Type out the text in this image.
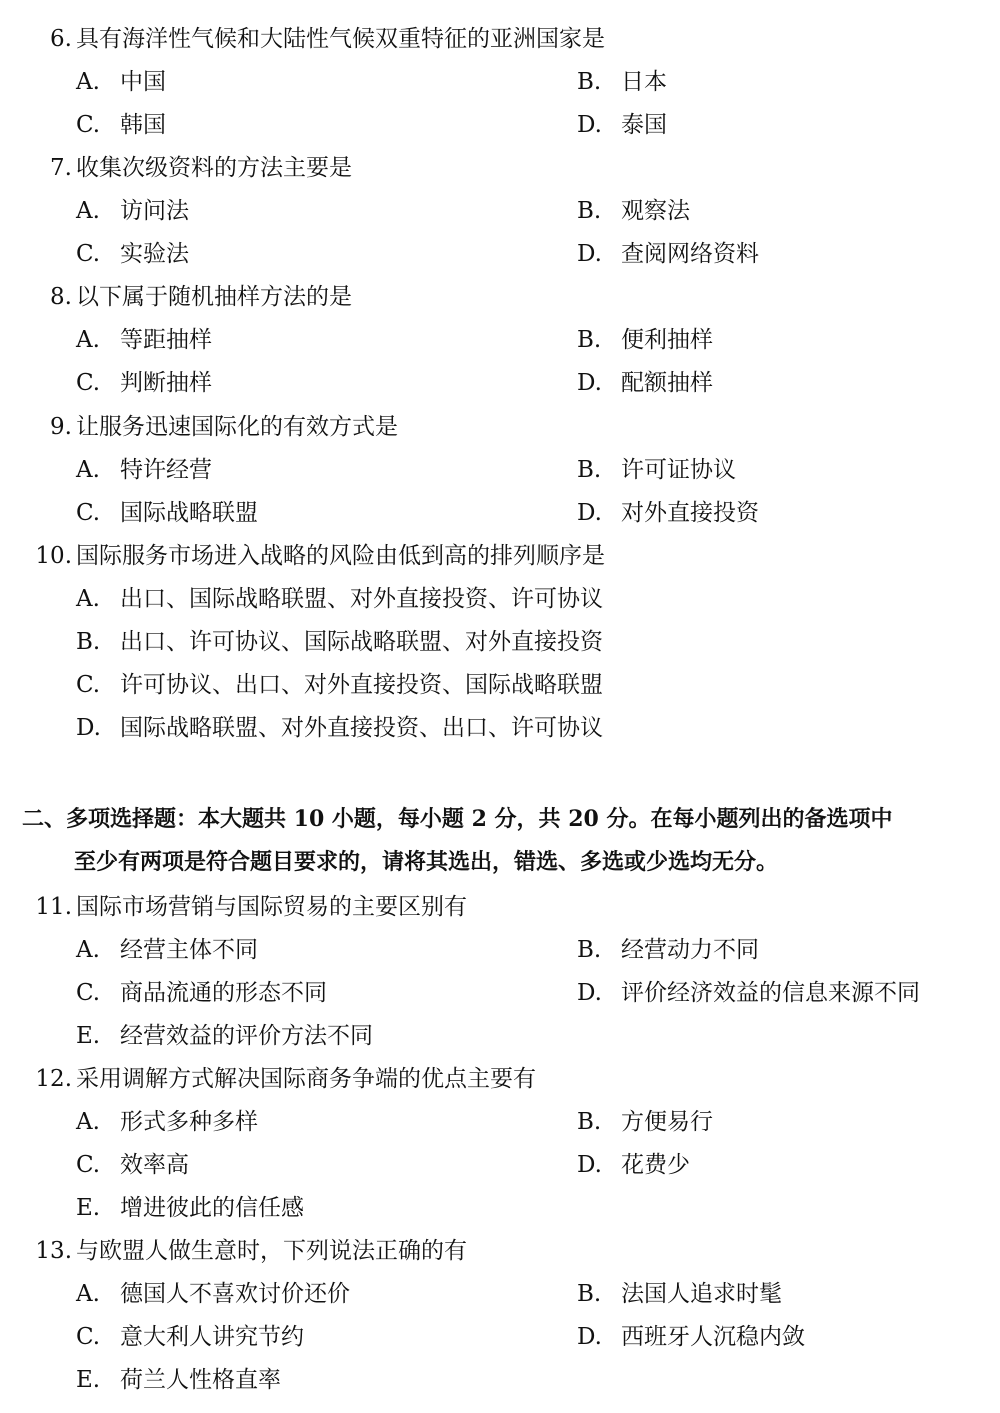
6. 具有海洋性气候和大陆性气候双重特征的亚洲国家是
A. 中国	B. 日本
C. 韩国	D. 泰国
7. 收集次级资料的方法主要是
A. 访问法	B. 观察法
C. 实验法	D. 查阅网络资料
8. 以下属于随机抽样方法的是
A. 等距抽样	B. 便利抽样
C. 判断抽样	D. 配额抽样
9. 让服务迅速国际化的有效方式是
A. 特许经营	B. 许可证协议
C. 国际战略联盟	D. 对外直接投资
10. 国际服务市场进入战略的风险由低到高的排列顺序是
A. 出口、国际战略联盟、对外直接投资、许可协议
B. 出口、许可协议、国际战略联盟、对外直接投资
C. 许可协议、出口、对外直接投资、国际战略联盟
D. 国际战略联盟、对外直接投资、出口、许可协议
二、多项选择题：本大题共 10 小题，每小题 2 分，共 20 分。在每小题列出的备选项中
至少有两项是符合题目要求的，请将其选出，错选、多选或少选均无分。
11. 国际市场营销与国际贸易的主要区别有
A. 经营主体不同	B. 经营动力不同
C. 商品流通的形态不同	D. 评价经济效益的信息来源不同
E. 经营效益的评价方法不同
12. 采用调解方式解决国际商务争端的优点主要有
A. 形式多种多样	B. 方便易行
C. 效率高	D. 花费少
E. 增进彼此的信任感
13. 与欧盟人做生意时，下列说法正确的有
A. 德国人不喜欢讨价还价	B. 法国人追求时髦
C. 意大利人讲究节约	D. 西班牙人沉稳内敛
E. 荷兰人性格直率
